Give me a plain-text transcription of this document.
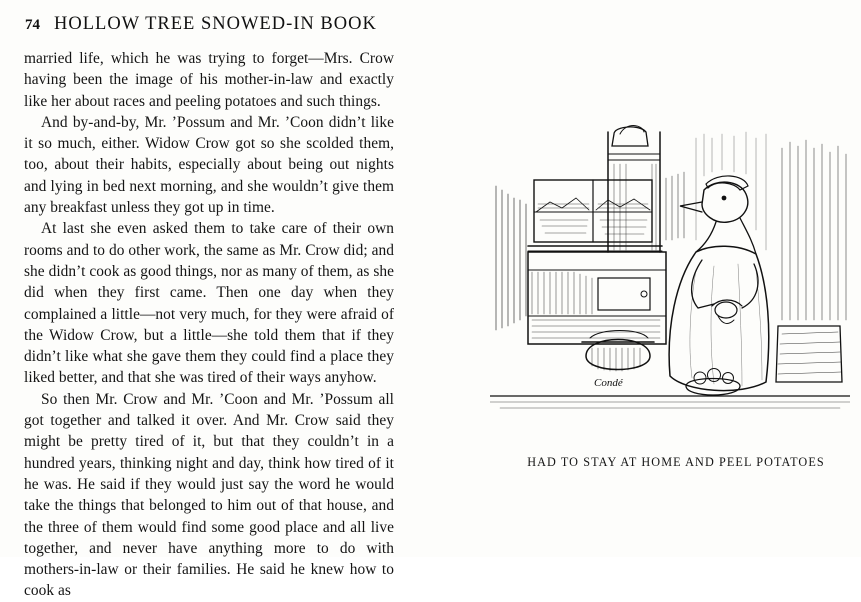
74 HOLLOW TREE SNOWED-IN BOOK

married life, which he was trying to forget—Mrs. Crow having been the image of his mother-in-law and exactly like her about races and peeling potatoes and such things.

And by-and-by, Mr. ’Possum and Mr. ’Coon didn’t like it so much, either. Widow Crow got so she scolded them, too, about their habits, especially about being out nights and lying in bed next morning, and she wouldn’t give them any breakfast unless they got up in time.

At last she even asked them to take care of their own rooms and to do other work, the same as Mr. Crow did; and she didn’t cook as good things, nor as many of them, as she did when they first came. Then one day when they complained a little—not very much, for they were afraid of the Widow Crow, but a little—she told them that if they didn’t like what she gave them they could find a place they liked better, and that she was tired of their ways anyhow.

So then Mr. Crow and Mr. ’Coon and Mr. ’Possum all got together and talked it over. And Mr. Crow said they might be pretty tired of it, but that they couldn’t in a hundred years, thinking night and day, think how tired of it he was. He said if they would just say the word he would take the things that belonged to him out of that house, and the three of them would find some good place and all live together, and never have anything more to do with mothers-in-law or their families. He said he knew how to cook as

Condé
HAD TO STAY AT HOME AND PEEL POTATOES
